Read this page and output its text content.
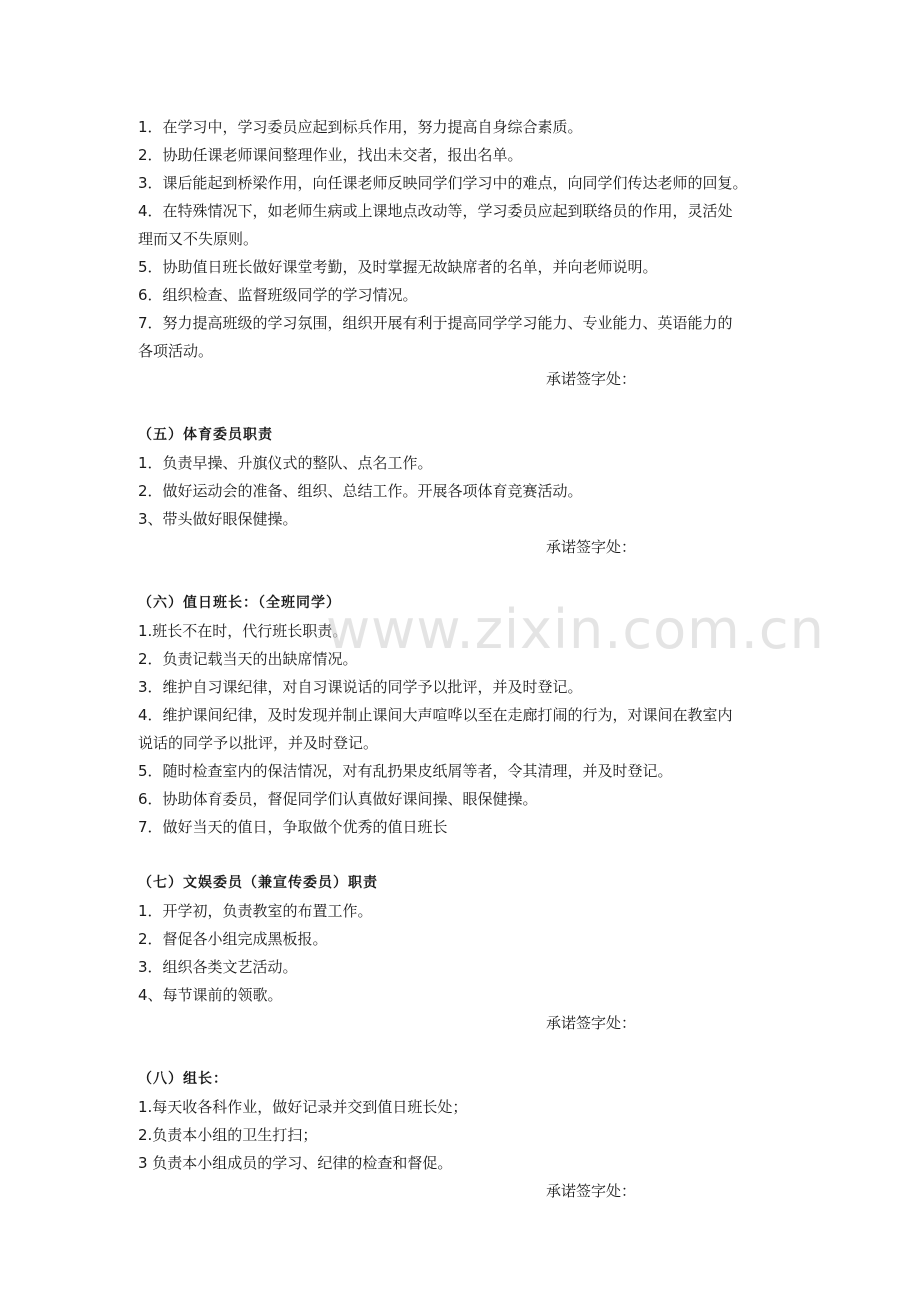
1．在学习中，学习委员应起到标兵作用，努力提高自身综合素质。

2．协助任课老师课间整理作业，找出未交者，报出名单。

3．课后能起到桥梁作用，向任课老师反映同学们学习中的难点，向同学们传达老师的回复。

4．在特殊情况下，如老师生病或上课地点改动等，学习委员应起到联络员的作用，灵活处

理而又不失原则。

5．协助值日班长做好课堂考勤，及时掌握无故缺席者的名单，并向老师说明。

6．组织检查、监督班级同学的学习情况。

7．努力提高班级的学习氛围，组织开展有利于提高同学学习能力、专业能力、英语能力的

各项活动。

承诺签字处：

（五）体育委员职责

1．负责早操、升旗仪式的整队、点名工作。

2．做好运动会的准备、组织、总结工作。开展各项体育竞赛活动。

3、带头做好眼保健操。

承诺签字处：

（六）值日班长：（全班同学）

1.班长不在时，代行班长职责。

2．负责记载当天的出缺席情况。

3．维护自习课纪律，对自习课说话的同学予以批评，并及时登记。

4．维护课间纪律，及时发现并制止课间大声喧哗以至在走廊打闹的行为，对课间在教室内

说话的同学予以批评，并及时登记。

5．随时检查室内的保洁情况，对有乱扔果皮纸屑等者，令其清理，并及时登记。

6．协助体育委员，督促同学们认真做好课间操、眼保健操。

7．做好当天的值日，争取做个优秀的值日班长

（七）文娱委员（兼宣传委员）职责

1．开学初，负责教室的布置工作。

2．督促各小组完成黑板报。

3．组织各类文艺活动。

4、每节课前的领歌。

承诺签字处：

（八）组长：

1.每天收各科作业，做好记录并交到值日班长处；

2.负责本小组的卫生打扫；

3 负责本小组成员的学习、纪律的检查和督促。

承诺签字处：

www.zixin.com.cn
